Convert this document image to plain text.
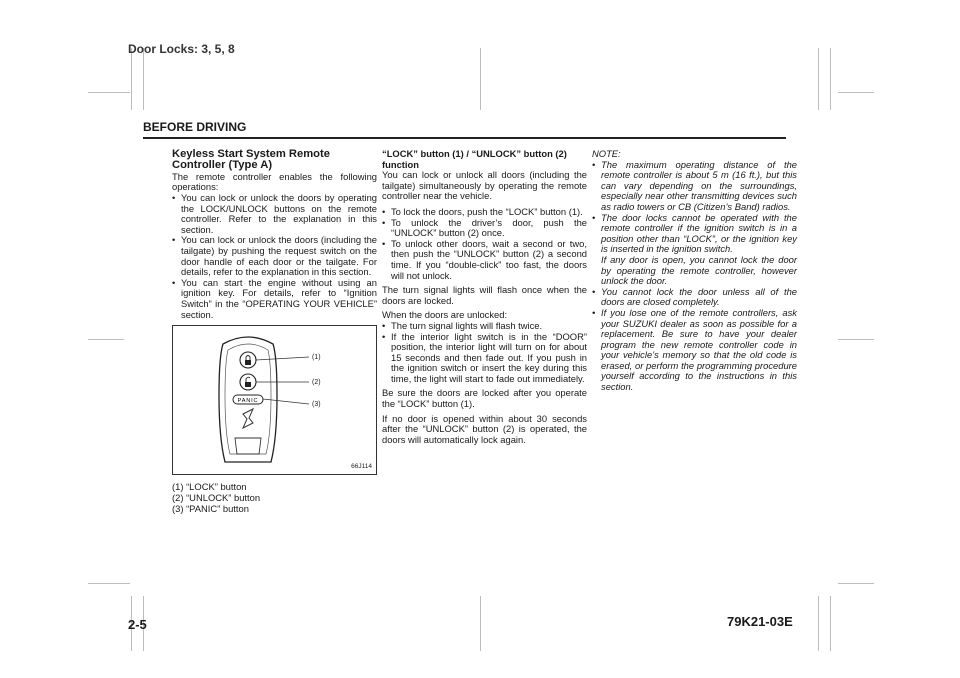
Door Locks: 3, 5, 8
BEFORE DRIVING
Keyless Start System Remote Controller (Type A)

The remote controller enables the following operations:

• You can lock or unlock the doors by operating the LOCK/UNLOCK buttons on the remote controller. Refer to the explanation in this section.
• You can lock or unlock the doors (including the tailgate) by pushing the request switch on the door handle of each door or the tailgate. For details, refer to the explanation in this section.
• You can start the engine without using an ignition key. For details, refer to “Ignition Switch” in the “OPERATING YOUR VEHICLE” section.
PANIC
(1)
(2)
(3)
66J114
(1) “LOCK” button
(2) “UNLOCK” button
(3) “PANIC” button
“LOCK” button (1) / “UNLOCK” button (2) function

You can lock or unlock all doors (including the tailgate) simultaneously by operating the remote controller near the vehicle.

• To lock the doors, push the “LOCK” button (1).
• To unlock the driver’s door, push the “UNLOCK” button (2) once.
• To unlock other doors, wait a second or two, then push the “UNLOCK” button (2) a second time. If you “double-click” too fast, the doors will not unlock.

The turn signal lights will flash once when the doors are locked.

When the doors are unlocked:

• The turn signal lights will flash twice.
• If the interior light switch is in the “DOOR” position, the interior light will turn on for about 15 seconds and then fade out. If you push in the ignition switch or insert the key during this time, the light will start to fade out immediately.

Be sure the doors are locked after you operate the “LOCK” button (1).

If no door is opened within about 30 seconds after the “UNLOCK” button (2) is operated, the doors will automatically lock again.

NOTE:

• The maximum operating distance of the remote controller is about 5 m (16 ft.), but this can vary depending on the surroundings, especially near other transmitting devices such as radio towers or CB (Citizen’s Band) radios.
• The door locks cannot be operated with the remote controller if the ignition switch is in a position other than “LOCK”, or the ignition key is inserted in the ignition switch.
If any door is open, you cannot lock the door by operating the remote controller, however unlock the door.
• You cannot lock the door unless all of the doors are closed completely.
• If you lose one of the remote controllers, ask your SUZUKI dealer as soon as possible for a replacement. Be sure to have your dealer program the new remote controller code in your vehicle’s memory so that the old code is erased, or perform the programming procedure yourself according to the instructions in this section.
2-5	79K21-03E
